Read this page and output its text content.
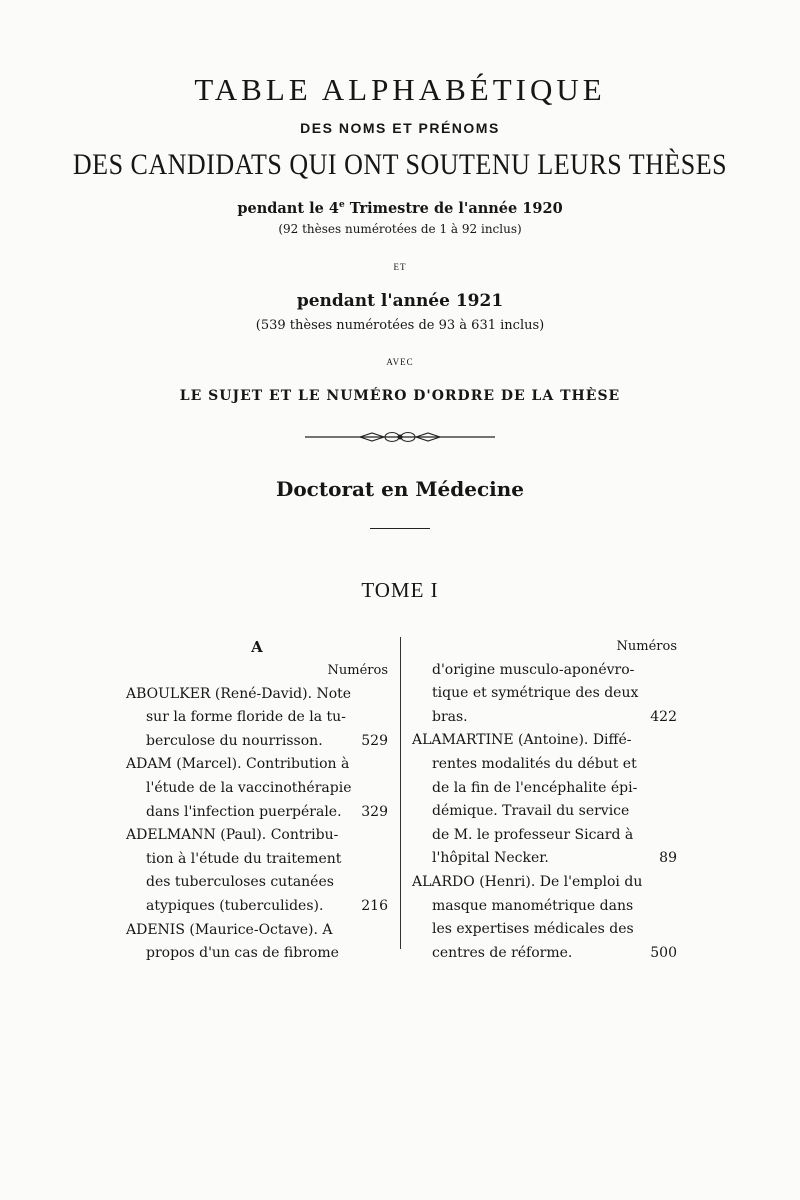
TABLE ALPHABÉTIQUE
DES NOMS ET PRÉNOMS
DES CANDIDATS QUI ONT SOUTENU LEURS THÈSES
pendant le 4e Trimestre de l'année 1920
(92 thèses numérotées de 1 à 92 inclus)
ET
pendant l'année 1921
(539 thèses numérotées de 93 à 631 inclus)
AVEC
LE SUJET ET LE NUMÉRO D'ORDRE DE LA THÈSE
Doctorat en Médecine
TOME I
A
Numéros
ABOULKER (René-David). Note
sur la forme floride de la tu-
berculose du nourrisson.	529
ADAM (Marcel). Contribution à
l'étude de la vaccinothérapie
dans l'infection puerpérale.	329
ADELMANN (Paul). Contribu-
tion à l'étude du traitement
des tuberculoses cutanées
atypiques (tuberculides).	216
ADENIS (Maurice-Octave). A
propos d'un cas de fibrome
Numéros
d'origine musculo-aponévro-
tique et symétrique des deux
bras.	422
ALAMARTINE (Antoine). Diffé-
rentes modalités du début et
de la fin de l'encéphalite épi-
démique. Travail du service
de M. le professeur Sicard à
l'hôpital Necker.	89
ALARDO (Henri). De l'emploi du
masque manométrique dans
les expertises médicales des
centres de réforme.	500
